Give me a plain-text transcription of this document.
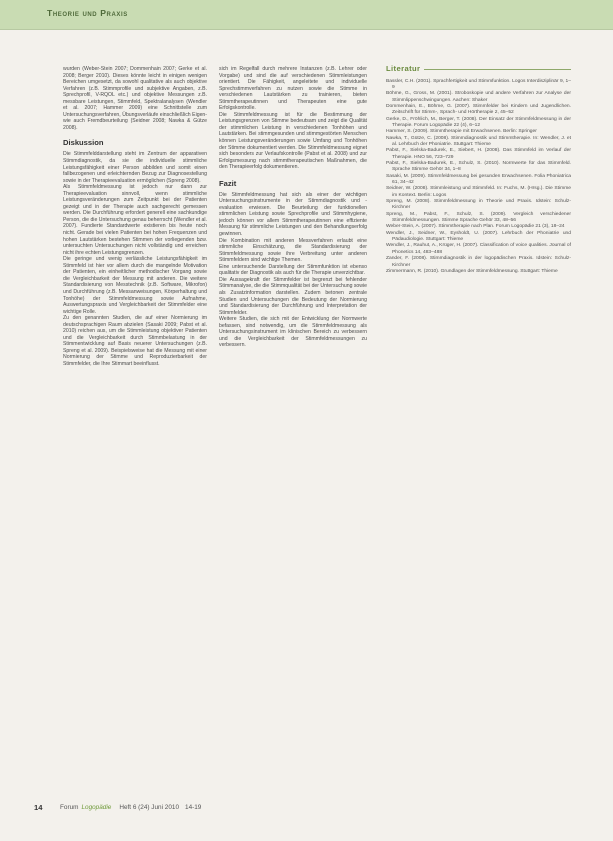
Theorie und Praxis

wurden (Weber-Stein 2007; Dommenhain 2007; Gerke et al. 2008; Berger 2010). Dieses könnte leicht in einigen wenigen Bereichen umgesetzt, da sowohl qualitative als auch objektive Verfahren (z.B. Stimmprofile und subjektive Angaben, z.B. Sprechprofil, V-RQOL etc.) und objektive Messungen z.B. messbare Leistungen, Stimmfeld, Spektralanalysen (Wendler et al. 2007; Hammer 2009) eine Schnittstelle zum Untersuchungsverfahren, Übungsverläufe einschließlich Eigen- wie auch Fremdbeurteilung (Seidner 2008; Nawka & Gütze 2008).

Diskussion

Die Stimmfelddarstellung steht im Zentrum der apparativen Stimmdiagnostik, da sie die individuelle stimmliche Leistungsfähigkeit einer Person abbilden und somit einen fallbezogenen und erleichternden Bezug zur Diagnosestellung sowie in der Therapieevaluation ermöglichen (Spreng 2008).

Als Stimmfeldmessung ist jedoch nur dann zur Therapieevaluation sinnvoll, wenn stimmliche Leistungsveränderungen zum Zeitpunkt bei der Patienten gezeigt und in der Therapie auch sachgerecht gemessen werden. Die Durchführung erfordert generell eine sachkundige Person, die die Untersuchung genau beherrscht (Wendler et al. 2007). Fundierte Standardwerte existieren bis heute noch nicht. Gerade bei vielen Patienten bei hohen Frequenzen und hohen Lautstärken bestehen Stimmen der vorliegenden bzw. untersuchten Untersuchungen nicht vollständig und erreichen nicht ihre echten Leistungsgrenzen.

Die geringe und wenig verlässliche Leistungsfähigkeit im Stimmfeld ist hier vor allem durch die mangelnde Motivation der Patienten, ein einheitlicher methodischer Vorgang sowie die Vergleichbarkeit der Messung mit anderen. Die weitere Standardisierung von Messtechnik (z.B. Software, Mikrofon) und Durchführung (z.B. Messanweisungen, Körperhaltung und Tonhöhe) der Stimmfeldmessung sowie Aufnahme, Auswertungspraxis und Vergleichbarkeit der Stimmfelder eine wichtige Rolle.

Zu den genannten Studien, die auf einer Normierung im deutschsprachigen Raum abzielen (Sasaki 2009; Pabst et al. 2010) reichen aus, um die Stimmleistung objektiver Patienten und die Vergleichbarkeit durch Stimmbelastung in der Stimmentwicklung auf Basis neuerer Untersuchungen (z.B. Spreng et al. 2009). Beispielsweise hat die Messung mit einer Normierung der Stimme und Reproduzierbarkeit der Stimmfelder, die Ihre Stimmart beeinflusst.

sich im Regelfall durch mehrere Instanzen (z.B. Lehrer oder Vorgabe) und sind die auf verschiedenen Stimmleistungen orientiert. Die Fähigkeit, angeleitete und individuelle Sprechstimmverfahren zu nutzen sowie die Stimme in verschiedenen Lautstärken zu trainieren, bieten Stimmtherapeutinnen und Therapeuten eine gute Erfolgskontrolle.

Die Stimmfeldmessung ist für die Bestimmung der Leistungsgrenzen von Stimme bedeutsam und zeigt die Qualität der stimmlichen Leistung in verschiedenen Tonhöhen und Lautstärken. Bei stimmgesunden und stimmgestörten Menschen können Leistungsveränderungen sowie Umfang und Tonhöhen der Stimme dokumentiert werden. Die Stimmfeldmessung eignet sich besonders zur Verlaufskontrolle (Pabst et al. 2008) und zur Erfolgsmessung nach stimmtherapeutischen Maßnahmen, die den Therapieerfolg dokumentieren.

Fazit

Die Stimmfeldmessung hat sich als einer der wichtigen Untersuchungsinstrumente in der Stimmdiagnostik und -evaluation erwiesen. Die Beurteilung der funktionellen stimmlichen Leistung sowie Sprechprofile und Stimmhygiene, jedoch können vor allem Stimmtherapeutinnen eine effiziente Messung für stimmliche Leistungen und den Behandlungserfolg gewinnen.

Die Kombination mit anderen Messverfahren erlaubt eine stimmliche Einschätzung, die Standardisierung der Stimmfeldmessung sowie ihre Verbreitung unter anderen Stimmfeldern sind wichtige Themen.

Eine untersuchende Darstellung der Stimmfunktion ist ebenso qualitativ der Diagnostik als auch für die Therapie unverzichtbar.

Die Aussagekraft der Stimmfelder ist begrenzt bei fehlender Stimmanalyse, die die Stimmqualität bei der Untersuchung sowie als Zusatzinformation darstellen. Zudem betonen zentrale Studien und Untersuchungen die Bedeutung der Normierung und Standardisierung der Durchführung und Interpretation der Stimmfelder.

Weitere Studien, die sich mit der Entwicklung der Normwerte befassen, sind notwendig, um die Stimmfeldmessung als Untersuchungsinstrument im klinischen Bereich zu verbessern und die Vergleichbarkeit der Stimmfeldmessungen zu verbessern.

Literatur

Bassler, C.H. (2001). Sprachfertigkeit und Stimmfunktion. Logos Interdisziplinär 9, 1–9

Böhme, G., Gross, M. (2001). Stroboskopie und andere Verfahren zur Analyse der Stimmlippenschwingungen. Aachen: Shaker

Dommenhain, E., Böhme, G. (2007). Stimmfelder bei Kindern und Jugendlichen. Zeitschrift für Stimm-, Sprach- und Hörtherapie 2, 45–52

Gerke, D., Fröhlich, M., Berger, T. (2008). Der Einsatz der Stimmfeldmessung in der Therapie. Forum Logopädie 22 (4), 6–12

Hammer, S. (2009). Stimmtherapie mit Erwachsenen. Berlin: Springer

Nawka, T., Gütze, C. (2008). Stimmdiagnostik und Stimmtherapie. In: Wendler, J. et al. Lehrbuch der Phoniatrie. Stuttgart: Thieme

Pabst, F., Sielska-Badurek, E., Siebert, H. (2008). Das Stimmfeld im Verlauf der Therapie. HNO 56, 723–729

Pabst, F., Sielska-Badurek, E., Schulz, S. (2010). Normwerte für das Stimmfeld. Sprache Stimme Gehör 34, 1–8

Sasaki, M. (2009). Stimmfeldmessung bei gesunden Erwachsenen. Folia Phoniatrica 61, 34–42

Seidner, W. (2008). Stimmleistung und Stimmfeld. In: Fuchs, M. (Hrsg.). Die Stimme im Kontext. Berlin: Logos

Spreng, M. (2008). Stimmfeldmessung in Theorie und Praxis. Idstein: Schulz-Kirchner

Spreng, M., Pabst, F., Schulz, S. (2009). Vergleich verschiedener Stimmfeldmessungen. Stimme Sprache Gehör 33, 48–56

Weber-Stein, A. (2007). Stimmtherapie nach Plan. Forum Logopädie 21 (3), 18–24

Wendler, J., Seidner, W., Eysholdt, U. (2007). Lehrbuch der Phoniatrie und Pädaudiologie. Stuttgart: Thieme

Wendler, J., Rauhut, A., Krüger, H. (2007). Classification of voice qualities. Journal of Phonetics 14, 483–488

Zander, F. (2008). Stimmdiagnostik in der logopädischen Praxis. Idstein: Schulz-Kirchner

Zimmermann, R. (2010). Grundlagen der Stimmfeldmessung. Stuttgart: Thieme

14	Forum Logopädie Heft 6 (24) Juni 2010 14-19
